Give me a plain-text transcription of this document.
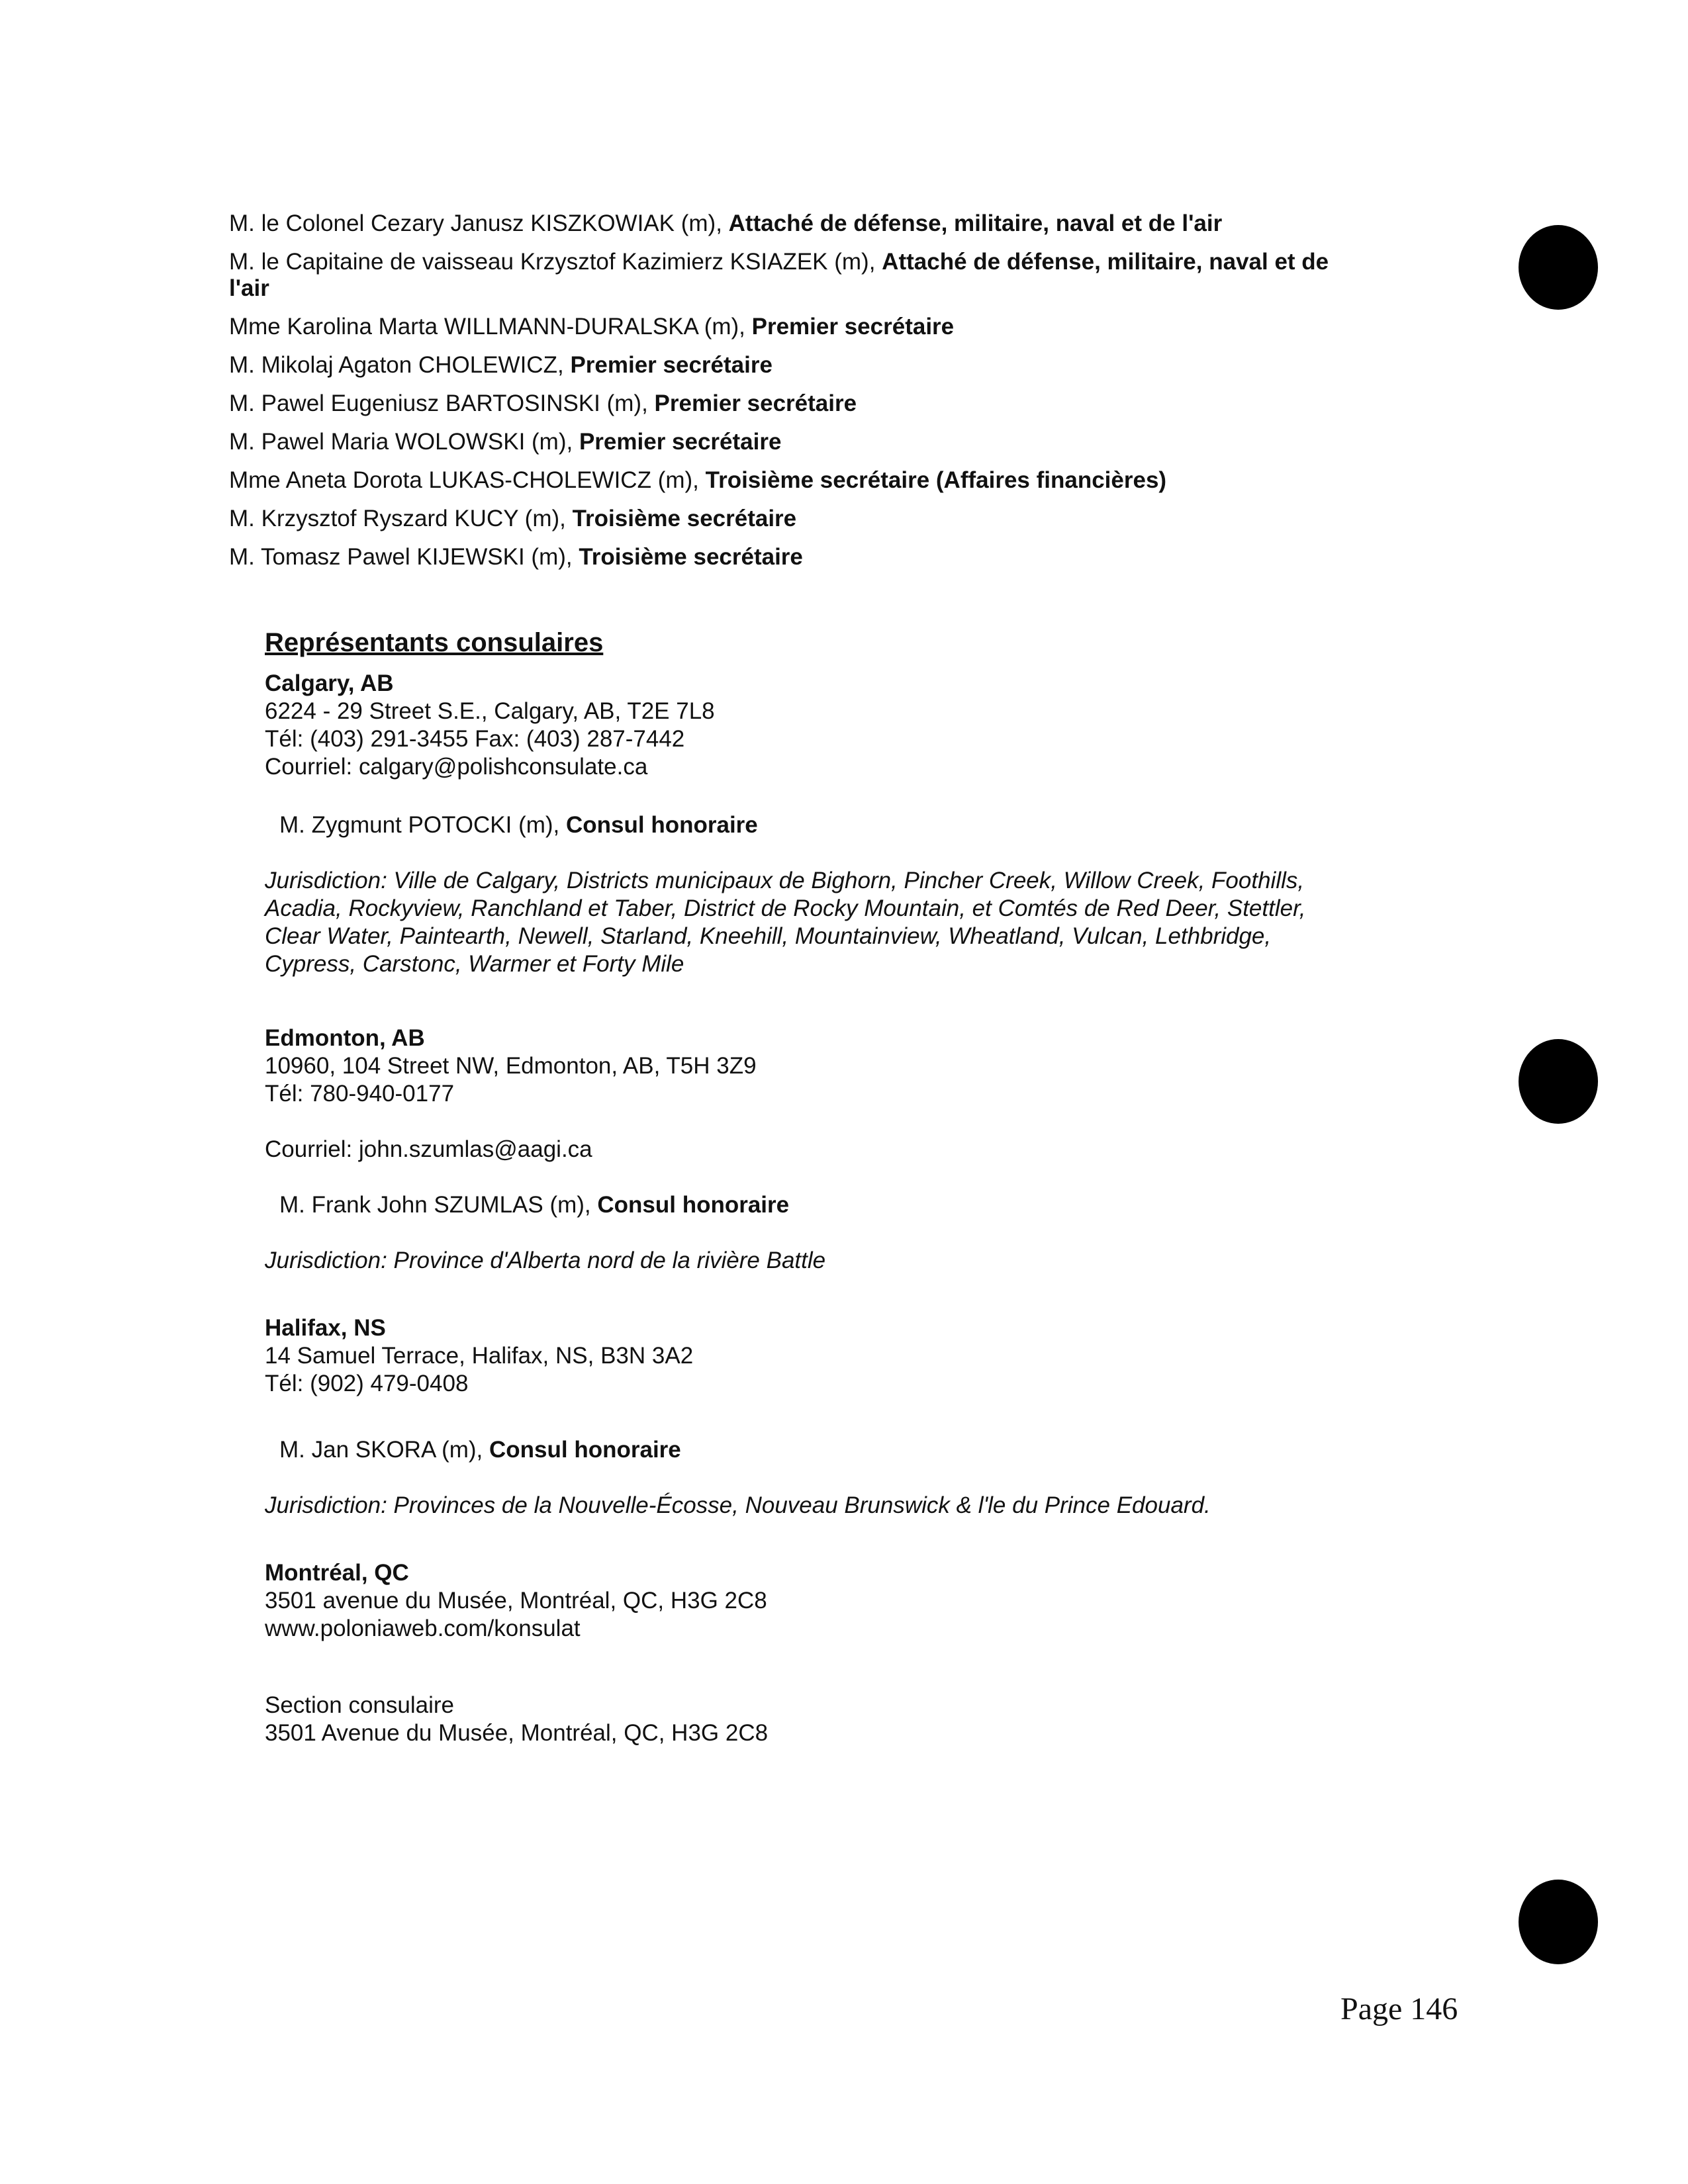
M. le Colonel Cezary Janusz KISZKOWIAK (m), Attaché de défense, militaire, naval et de l'air
M. le Capitaine de vaisseau Krzysztof Kazimierz KSIAZEK (m), Attaché de défense, militaire, naval et de l'air
Mme Karolina Marta WILLMANN-DURALSKA (m), Premier secrétaire
M. Mikolaj Agaton CHOLEWICZ, Premier secrétaire
M. Pawel Eugeniusz BARTOSINSKI (m), Premier secrétaire
M. Pawel Maria WOLOWSKI (m), Premier secrétaire
Mme Aneta Dorota LUKAS-CHOLEWICZ (m), Troisième secrétaire (Affaires financières)
M. Krzysztof Ryszard KUCY (m), Troisième secrétaire
M. Tomasz Pawel KIJEWSKI (m), Troisième secrétaire
Représentants consulaires
Calgary, AB
6224 - 29 Street S.E., Calgary, AB, T2E 7L8
Tél: (403) 291-3455 Fax: (403) 287-7442
Courriel: calgary@polishconsulate.ca
M. Zygmunt POTOCKI (m), Consul honoraire
Jurisdiction: Ville de Calgary, Districts municipaux de Bighorn, Pincher Creek, Willow Creek, Foothills, Acadia, Rockyview, Ranchland et Taber, District de Rocky Mountain, et Comtés de Red Deer, Stettler, Clear Water, Paintearth, Newell, Starland, Kneehill, Mountainview, Wheatland, Vulcan, Lethbridge, Cypress, Carstonc, Warmer et Forty Mile
Edmonton, AB
10960, 104 Street NW, Edmonton, AB, T5H 3Z9
Tél: 780-940-0177
Courriel: john.szumlas@aagi.ca
M. Frank John SZUMLAS (m), Consul honoraire
Jurisdiction: Province d'Alberta nord de la rivière Battle
Halifax, NS
14 Samuel Terrace, Halifax, NS, B3N 3A2
Tél: (902) 479-0408
M. Jan SKORA (m), Consul honoraire
Jurisdiction: Provinces de la Nouvelle-Écosse, Nouveau Brunswick & l'le du Prince Edouard.
Montréal, QC
3501 avenue du Musée, Montréal, QC, H3G 2C8
www.poloniaweb.com/konsulat
Section consulaire
3501 Avenue du Musée, Montréal, QC, H3G 2C8
Page 146
